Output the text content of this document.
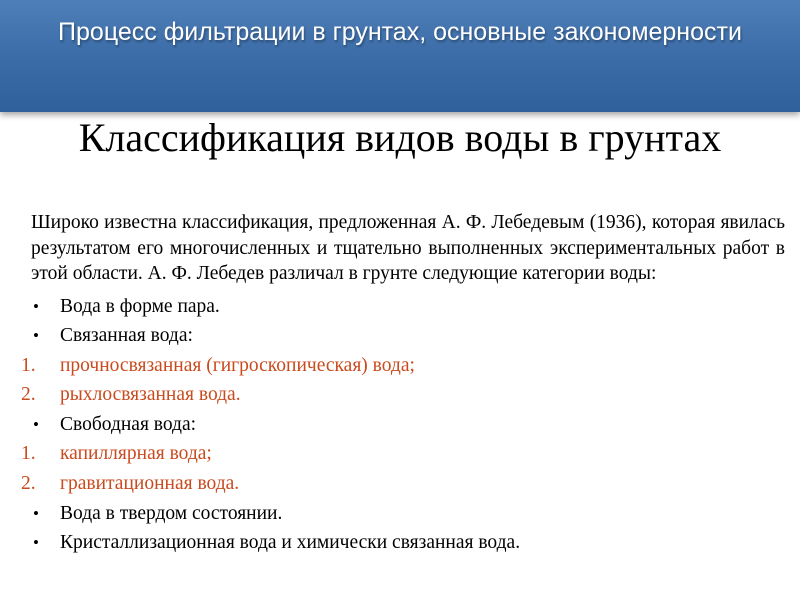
Процесс фильтрации в грунтах, основные закономерности
Классификация видов воды в грунтах

Широко известна классификация, предложенная А. Ф. Лебедевым (1936), которая явилась результатом его многочисленных и тщательно выполненных экспериментальных работ в этой области. А. Ф. Лебедев различал в грунте следующие категории воды:

•	Вода в форме пара.
•	Связанная вода:
1.	прочносвязанная (гигроскопическая) вода;
2.	рыхлосвязанная вода.
•	Свободная вода:
1.	капиллярная вода;
2.	гравитационная вода.
•	Вода в твердом состоянии.
•	Кристаллизационная вода и химически связанная вода.
